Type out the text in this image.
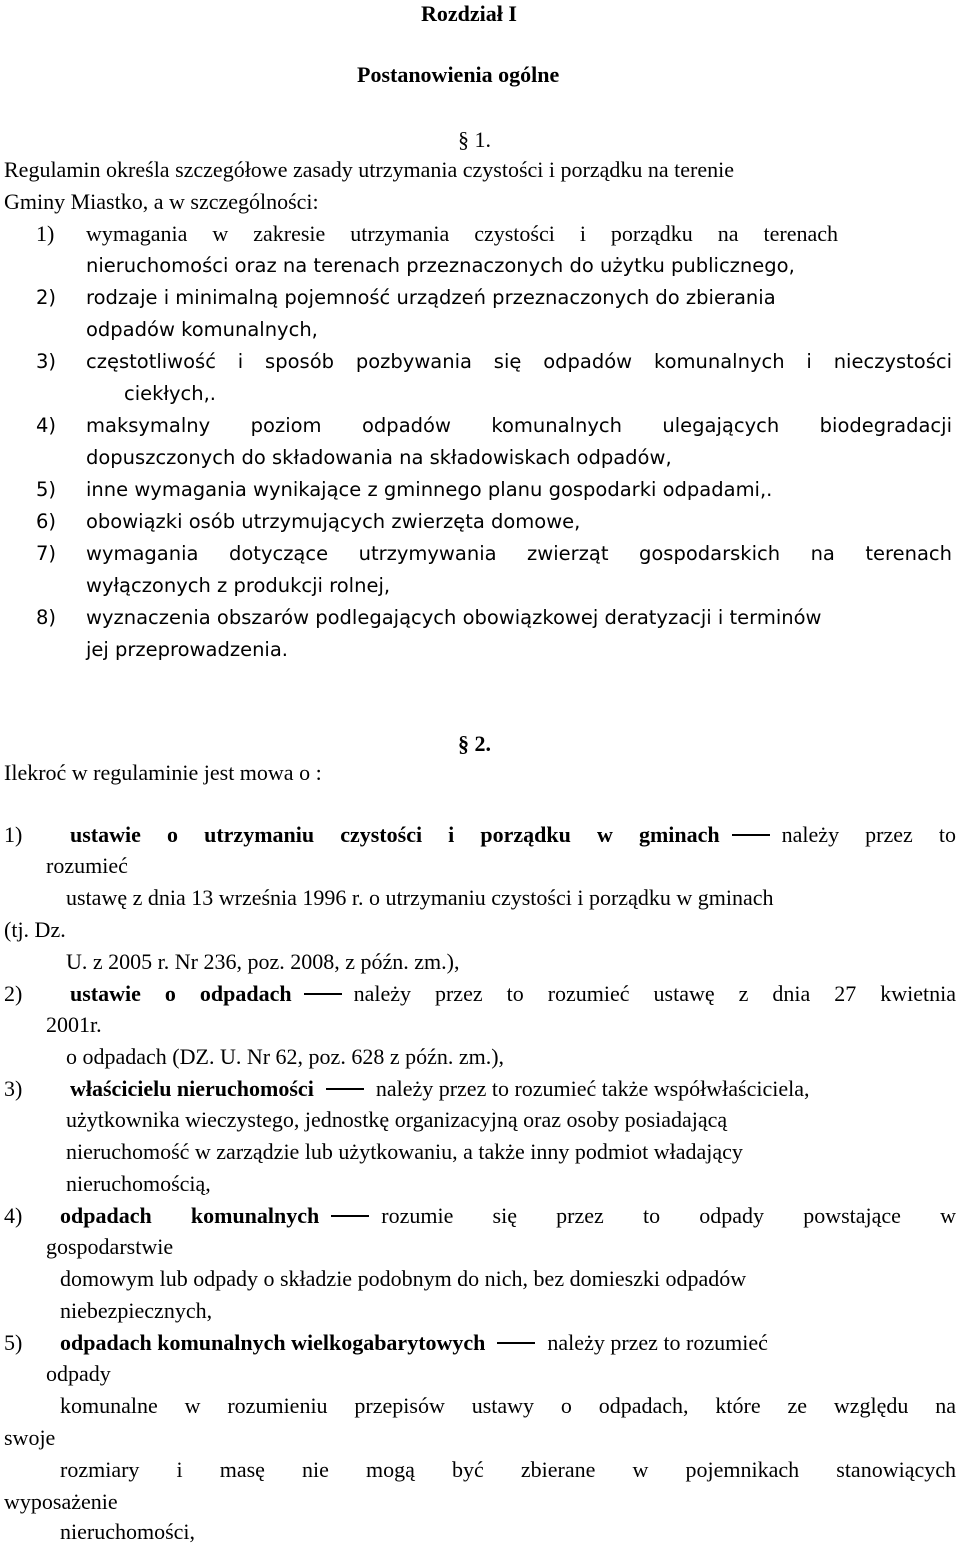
Rozdział I
Postanowienia ogólne
§ 1.
Regulamin określa szczegółowe zasady utrzymania czystości i porządku na terenie
Gminy Miastko, a w szczególności:
1) wymagania w zakresie utrzymania czystości i porządku na terenach
nieruchomości oraz na terenach przeznaczonych do użytku publicznego,
2) rodzaje i minimalną pojemność urządzeń przeznaczonych do zbierania
odpadów komunalnych,
3) częstotliwość i sposób pozbywania się odpadów komunalnych i nieczystości
ciekłych,.
4) maksymalny poziom odpadów komunalnych ulegających biodegradacji
dopuszczonych do składowania na składowiskach odpadów,
5) inne wymagania wynikające z gminnego planu gospodarki odpadami,.
6) obowiązki osób utrzymujących zwierzęta domowe,
7) wymagania dotyczące utrzymywania zwierząt gospodarskich na terenach
wyłączonych z produkcji rolnej,
8) wyznaczenia obszarów podlegających obowiązkowej deratyzacji i terminów
jej przeprowadzenia.
§ 2.
Ilekroć w regulaminie jest mowa o :
1) ustawie o utrzymaniu czystości i porządku w gminach	należy przez to
rozumieć
ustawę z dnia 13 września 1996 r. o utrzymaniu czystości i porządku w gminach
(tj. Dz.
U. z 2005 r. Nr 236, poz. 2008, z późn. zm.),
2) ustawie o odpadach	należy przez to rozumieć ustawę z dnia 27 kwietnia
2001r.
o odpadach (DZ. U. Nr 62, poz. 628 z późn. zm.),
3) właścicielu nieruchomości	należy przez to rozumieć także współwłaściciela,
użytkownika wieczystego, jednostkę organizacyjną oraz osoby posiadającą
nieruchomość w zarządzie lub użytkowaniu, a także inny podmiot władający
nieruchomością,
4) odpadach komunalnych	rozumie się przez to odpady powstające w
gospodarstwie
domowym lub odpady o składzie podobnym do nich, bez domieszki odpadów
niebezpiecznych,
5) odpadach komunalnych wielkogabarytowych	należy przez to rozumieć
odpady
komunalne w rozumieniu przepisów ustawy o odpadach, które ze względu na
swoje
rozmiary i masę nie mogą być zbierane w pojemnikach stanowiących
wyposażenie
nieruchomości,
